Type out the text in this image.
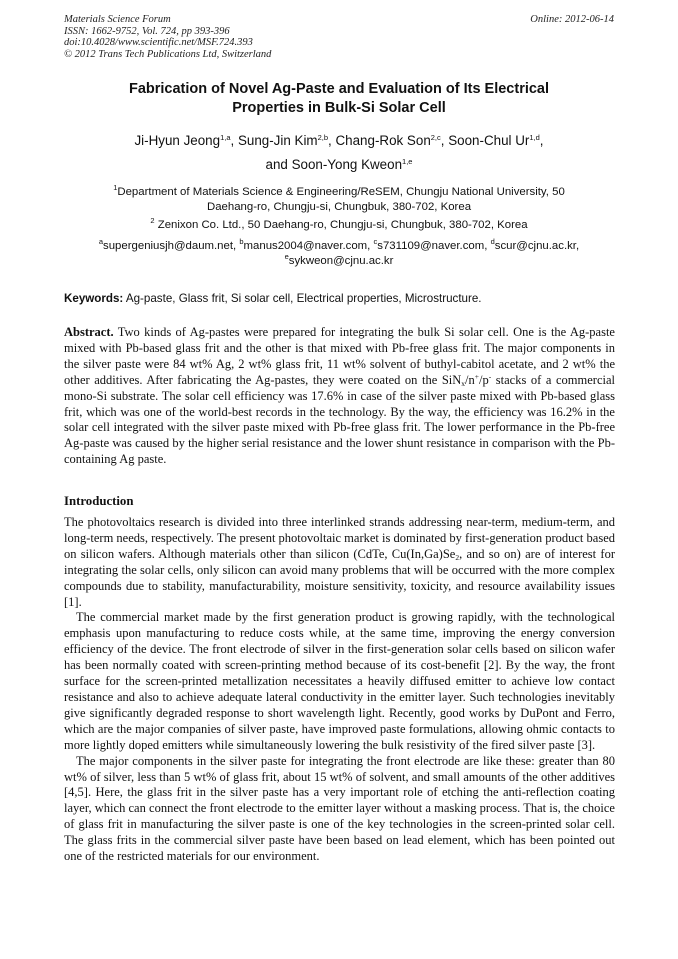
Materials Science Forum
ISSN: 1662-9752, Vol. 724, pp 393-396
doi:10.4028/www.scientific.net/MSF.724.393
© 2012 Trans Tech Publications Ltd, Switzerland
Online: 2012-06-14
Fabrication of Novel Ag-Paste and Evaluation of Its Electrical
Properties in Bulk-Si Solar Cell
Ji-Hyun Jeong$^{1,a}$, Sung-Jin Kim$^{2,b}$, Chang-Rok Son$^{2,c}$, Soon-Chul Ur$^{1,d}$,
and Soon-Yong Kweon$^{1,e}$
$^1$Department of Materials Science & Engineering/ReSEM, Chungju National University, 50
Daehang-ro, Chungju-si, Chungbuk, 380-702, Korea
$^2$ Zenixon Co. Ltd., 50 Daehang-ro, Chungju-si, Chungbuk, 380-702, Korea
$^a$supergeniusjh@daum.net, $^b$manus2004@naver.com, $^c$s731109@naver.com, $^d$scur@cjnu.ac.kr,
$^e$sykweon@cjnu.ac.kr
Keywords: Ag-paste, Glass frit, Si solar cell, Electrical properties, Microstructure.
Abstract. Two kinds of Ag-pastes were prepared for integrating the bulk Si solar cell. One is the Ag-paste mixed with Pb-based glass frit and the other is that mixed with Pb-free glass frit. The major components in the silver paste were 84 wt% Ag, 2 wt% glass frit, 11 wt% solvent of buthyl-cabitol acetate, and 2 wt% the other additives. After fabricating the Ag-pastes, they were coated on the SiN$_x$/n+/p- stacks of a commercial mono-Si substrate. The solar cell efficiency was 17.6% in case of the silver paste mixed with Pb-based glass frit, which was one of the world-best records in the technology. By the way, the efficiency was 16.2% in the solar cell integrated with the silver paste mixed with Pb-free glass frit. The lower performance in the Pb-free Ag-paste was caused by the higher serial resistance and the lower shunt resistance in comparison with the Pb-containing Ag paste.
Introduction

The photovoltaics research is divided into three interlinked strands addressing near-term, medium-term, and long-term needs, respectively. The present photovoltaic market is dominated by first-generation product based on silicon wafers. Although materials other than silicon (CdTe, $Cu(In,Ga)Se_2$, and so on) are of interest for integrating the solar cells, only silicon can avoid many problems that will be occurred with the more complex compounds due to stability, manufacturability, moisture sensitivity, toxicity, and resource availability issues [1].

The commercial market made by the first generation product is growing rapidly, with the technological emphasis upon manufacturing to reduce costs while, at the same time, improving the energy conversion efficiency of the device. The front electrode of silver in the first-generation solar cells based on silicon wafer has been normally coated with screen-printing method because of its cost-benefit [2]. By the way, the front surface for the screen-printed metallization necessitates a heavily diffused emitter to achieve low contact resistance and also to achieve adequate lateral conductivity in the emitter layer. Such technologies inevitably give significantly degraded response to short wavelength light. Recently, good works by DuPont and Ferro, which are the major companies of silver paste, have improved paste formulations, allowing ohmic contacts to more lightly doped emitters while simultaneously lowering the bulk resistivity of the fired silver paste [3].

The major components in the silver paste for integrating the front electrode are like these: greater than 80 wt% of silver, less than 5 wt% of glass frit, about 15 wt% of solvent, and small amounts of the other additives [4,5]. Here, the glass frit in the silver paste has a very important role of etching the anti-reflection coating layer, which can connect the front electrode to the emitter layer without a masking process. That is, the choice of glass frit in manufacturing the silver paste is one of the key technologies in the screen-printed solar cell. The glass frits in the commercial silver paste have been based on lead element, which has been pointed out one of the restricted materials for our environment.
